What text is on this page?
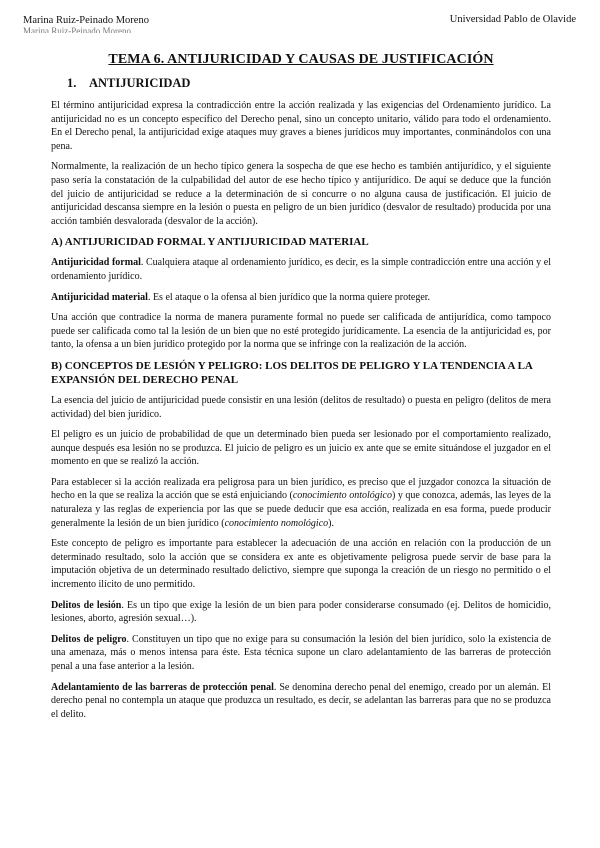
Marina Ruiz-Peinado Moreno
Marina Ruiz-Peinado Moreno
Universidad Pablo de Olavide
TEMA 6. ANTIJURICIDAD Y CAUSAS DE JUSTIFICACIÓN
1. ANTIJURICIDAD

El término antijuricidad expresa la contradicción entre la acción realizada y las exigencias del Ordenamiento jurídico. La antijuricidad no es un concepto específico del Derecho penal, sino un concepto unitario, válido para todo el ordenamiento. En el Derecho penal, la antijuricidad exige ataques muy graves a bienes jurídicos muy importantes, conminándolos con una pena.

Normalmente, la realización de un hecho típico genera la sospecha de que ese hecho es también antijurídico, y el siguiente paso sería la constatación de la culpabilidad del autor de ese hecho típico y antijurídico. De aquí se deduce que la función del juicio de antijuricidad se reduce a la determinación de si concurre o no alguna causa de justificación. El juicio de antijuricidad descansa siempre en la lesión o puesta en peligro de un bien jurídico (desvalor de resultado) producida por una acción también desvalorada (desvalor de la acción).

A) ANTIJURICIDAD FORMAL Y ANTIJURICIDAD MATERIAL

Antijuricidad formal. Cualquiera ataque al ordenamiento jurídico, es decir, es la simple contradicción entre una acción y el ordenamiento jurídico.

Antijuricidad material. Es el ataque o la ofensa al bien jurídico que la norma quiere proteger.

Una acción que contradice la norma de manera puramente formal no puede ser calificada de antijurídica, como tampoco puede ser calificada como tal la lesión de un bien que no esté protegido jurídicamente. La esencia de la antijuricidad es, por tanto, la ofensa a un bien jurídico protegido por la norma que se infringe con la realización de la acción.

B) CONCEPTOS DE LESIÓN Y PELIGRO: LOS DELITOS DE PELIGRO Y LA TENDENCIA A LA EXPANSIÓN DEL DERECHO PENAL

La esencia del juicio de antijuricidad puede consistir en una lesión (delitos de resultado) o puesta en peligro (delitos de mera actividad) del bien jurídico.

El peligro es un juicio de probabilidad de que un determinado bien pueda ser lesionado por el comportamiento realizado, aunque después esa lesión no se produzca. El juicio de peligro es un juicio ex ante que se emite situándose el juzgador en el momento en que se realizó la acción.

Para establecer si la acción realizada era peligrosa para un bien jurídico, es preciso que el juzgador conozca la situación de hecho en la que se realiza la acción que se está enjuiciando (conocimiento ontológico) y que conozca, además, las leyes de la naturaleza y las reglas de experiencia por las que se puede deducir que esa acción, realizada en esa forma, puede producir generalmente la lesión de un bien jurídico (conocimiento nomológico).

Este concepto de peligro es importante para establecer la adecuación de una acción en relación con la producción de un determinado resultado, solo la acción que se considera ex ante es objetivamente peligrosa puede servir de base para la imputación objetiva de un determinado resultado delictivo, siempre que suponga la creación de un riesgo no permitido o el incremento ilícito de uno permitido.

Delitos de lesión. Es un tipo que exige la lesión de un bien para poder considerarse consumado (ej. Delitos de homicidio, lesiones, aborto, agresión sexual…).

Delitos de peligro. Constituyen un tipo que no exige para su consumación la lesión del bien jurídico, solo la existencia de una amenaza, más o menos intensa para éste. Esta técnica supone un claro adelantamiento de las barreras de protección penal a una fase anterior a la lesión.

Adelantamiento de las barreras de protección penal. Se denomina derecho penal del enemigo, creado por un alemán. El derecho penal no contempla un ataque que produzca un resultado, es decir, se adelantan las barreras para que no se produzca el delito.
